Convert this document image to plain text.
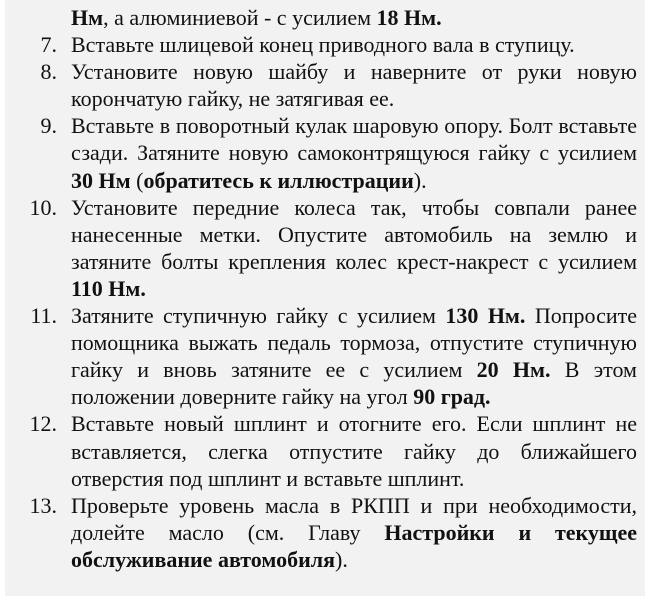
Нм, а алюминиевой - с усилием 18 Нм.
7. Вставьте шлицевой конец приводного вала в ступицу.
8. Установите новую шайбу и наверните от руки новую корончатую гайку, не затягивая ее.
9. Вставьте в поворотный кулак шаровую опору. Болт вставьте сзади. Затяните новую самоконтрящуюся гайку с усилием 30 Нм (обратитесь к иллюстрации).
10. Установите передние колеса так, чтобы совпали ранее нанесенные метки. Опустите автомобиль на землю и затяните болты крепления колес крест-накрест с усилием 110 Нм.
11. Затяните ступичную гайку с усилием 130 Нм. Попросите помощника выжать педаль тормоза, отпустите ступичную гайку и вновь затяните ее с усилием 20 Нм. В этом положении доверните гайку на угол 90 град.
12. Вставьте новый шплинт и отогните его. Если шплинт не вставляется, слегка отпустите гайку до ближайшего отверстия под шплинт и вставьте шплинт.
13. Проверьте уровень масла в РКПП и при необходимости, долейте масло (см. Главу Настройки и текущее обслуживание автомобиля).
